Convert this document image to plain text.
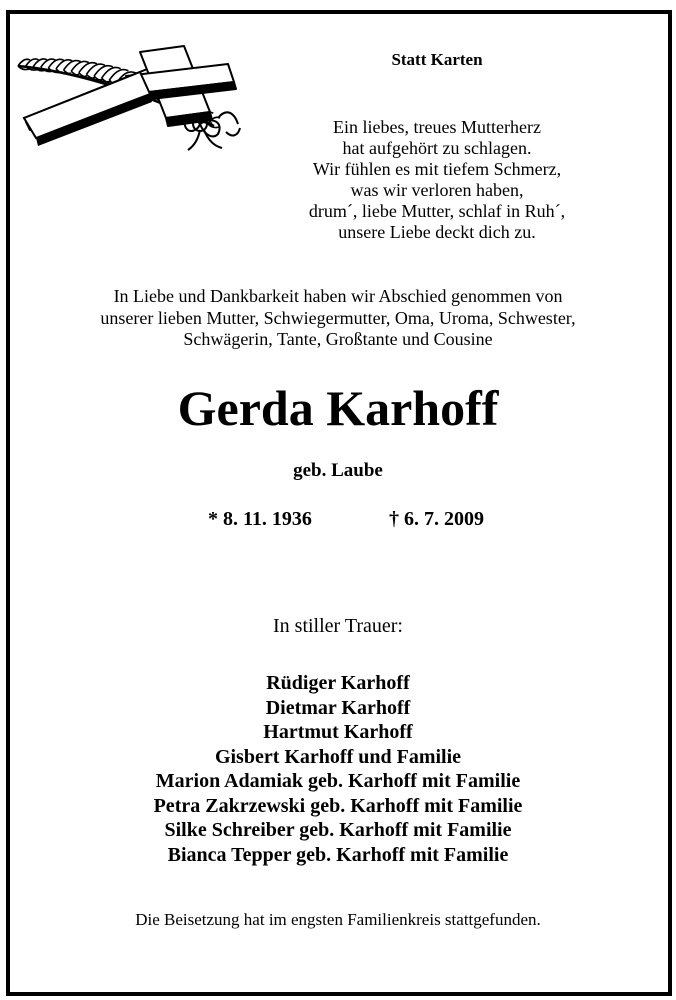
Statt Karten
Ein liebes, treues Mutterherz
hat aufgehört zu schlagen.
Wir fühlen es mit tiefem Schmerz,
was wir verloren haben,
drum´, liebe Mutter, schlaf in Ruh´,
unsere Liebe deckt dich zu.
In Liebe und Dankbarkeit haben wir Abschied genommen von
unserer lieben Mutter, Schwiegermutter, Oma, Uroma, Schwester,
Schwägerin, Tante, Großtante und Cousine
Gerda Karhoff
geb. Laube
* 8. 11. 1936	† 6. 7. 2009
In stiller Trauer:
Rüdiger Karhoff
Dietmar Karhoff
Hartmut Karhoff
Gisbert Karhoff und Familie
Marion Adamiak geb. Karhoff mit Familie
Petra Zakrzewski geb. Karhoff mit Familie
Silke Schreiber geb. Karhoff mit Familie
Bianca Tepper geb. Karhoff mit Familie
Die Beisetzung hat im engsten Familienkreis stattgefunden.
